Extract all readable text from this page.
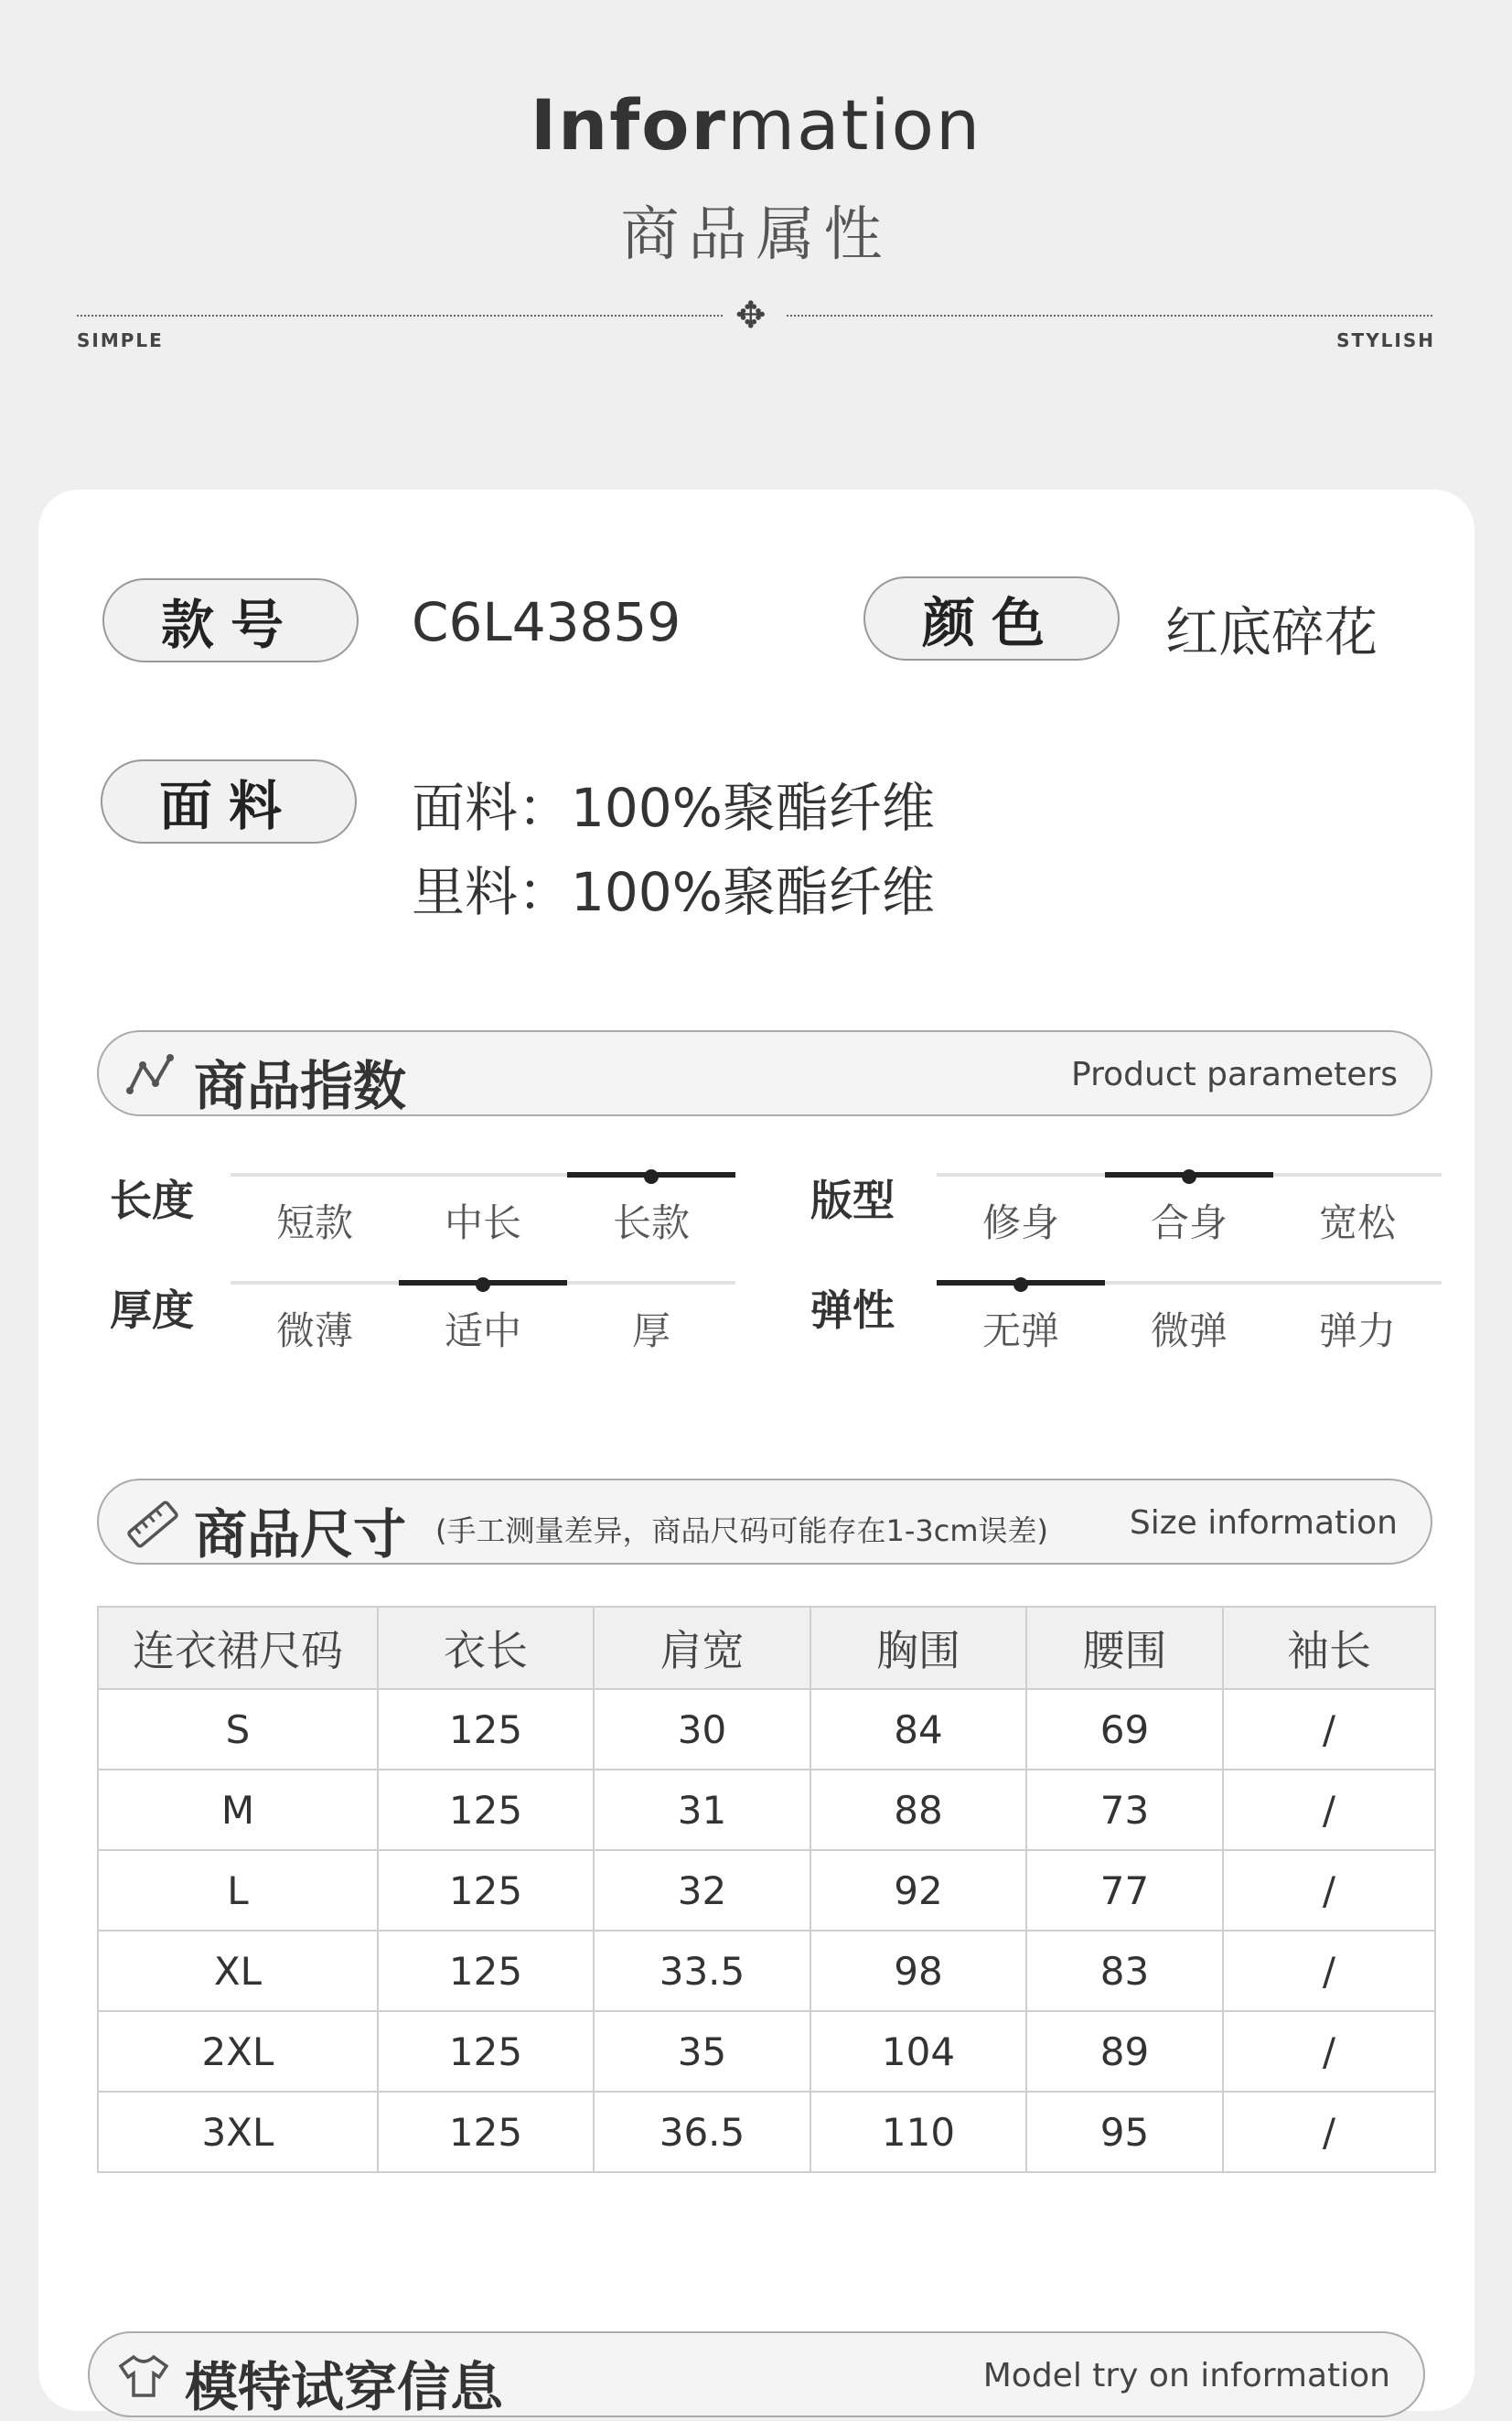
Information
商品属性
✥
SIMPLE	STYLISH
款号	C6L43859	颜色	红底碎花
面料	面料：100%聚酯纤维
里料：100%聚酯纤维
商品指数	Product parameters
长度	短款	中长	长款	版型	修身	合身	宽松
厚度	微薄	适中	厚	弹性	无弹	微弹	弹力
商品尺寸 (手工测量差异，商品尺码可能存在1-3cm误差) Size information
连衣裙尺码	衣长	肩宽	胸围	腰围	袖长
S	125	30	84	69	/
M	125	31	88	73	/
L	125	32	92	77	/
XL	125	33.5	98	83	/
2XL	125	35	104	89	/
3XL	125	36.5	110	95	/
模特试穿信息	Model try on information
